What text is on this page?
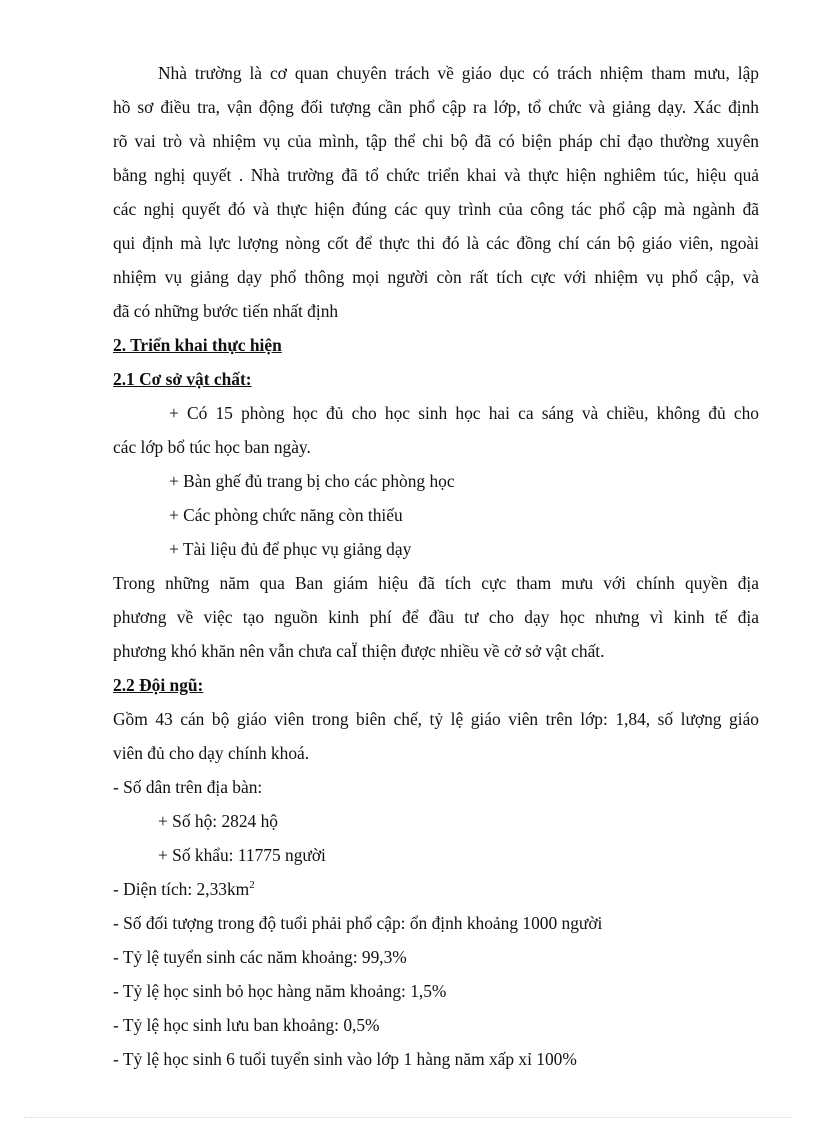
Nhà trường là cơ quan chuyên trách về giáo dục có trách nhiệm tham mưu, lập
hồ sơ điều tra, vận động đối tượng cần phổ cập ra lớp, tổ chức và giảng dạy. Xác định
rõ vai trò và nhiệm vụ của mình, tập thể chi bộ đã có biện pháp chỉ đạo thường xuyên
bằng nghị quyết . Nhà trường đã tổ chức triển khai và thực hiện nghiêm túc, hiệu quả
các nghị quyết đó và thực hiện đúng các quy trình của công tác phổ cập mà ngành đã
qui định mà lực lượng nòng cốt để thực thi đó là các đồng chí cán bộ giáo viên, ngoài
nhiệm vụ giảng dạy phổ thông mọi người còn rất tích cực với nhiệm vụ phổ cập, và
đã có những bước tiến nhất định
2. Triển khai thực hiện
2.1 Cơ sở vật chất:
+ Có 15 phòng học đủ cho học sinh học hai ca sáng và chiều, không đủ cho
các lớp bổ túc học ban ngày.
+ Bàn ghế đủ trang bị cho các phòng học
+ Các phòng chức năng còn thiếu
+ Tài liệu đủ để phục vụ giảng dạy
Trong những năm qua Ban giám hiệu đã tích cực tham mưu với chính quyền địa
phương về việc tạo nguồn kinh phí để đầu tư cho dạy học nhưng vì kinh tế địa
phương khó khăn nên vẫn chưa caÏ thiện được nhiều về cở sở vật chất.
2.2 Đội ngũ:
Gồm 43 cán bộ giáo viên trong biên chế, tỷ lệ giáo viên trên lớp: 1,84, số lượng giáo
viên đủ cho dạy chính khoá.
- Số dân trên địa bàn:
+ Số hộ: 2824 hộ
+ Số khẩu: 11775 người
- Diện tích: $2,33km^2$
- Số đối tượng trong độ tuổi phải phổ cập: ổn định khoảng 1000 người
- Tỷ lệ tuyển sinh các năm khoảng: 99,3%
- Tỷ lệ học sinh bỏ học hàng năm khoảng: 1,5%
- Tỷ lệ học sinh lưu ban khoảng: 0,5%
- Tỷ lệ học sinh 6 tuổi tuyển sinh vào lớp 1 hàng năm xấp xỉ 100%
